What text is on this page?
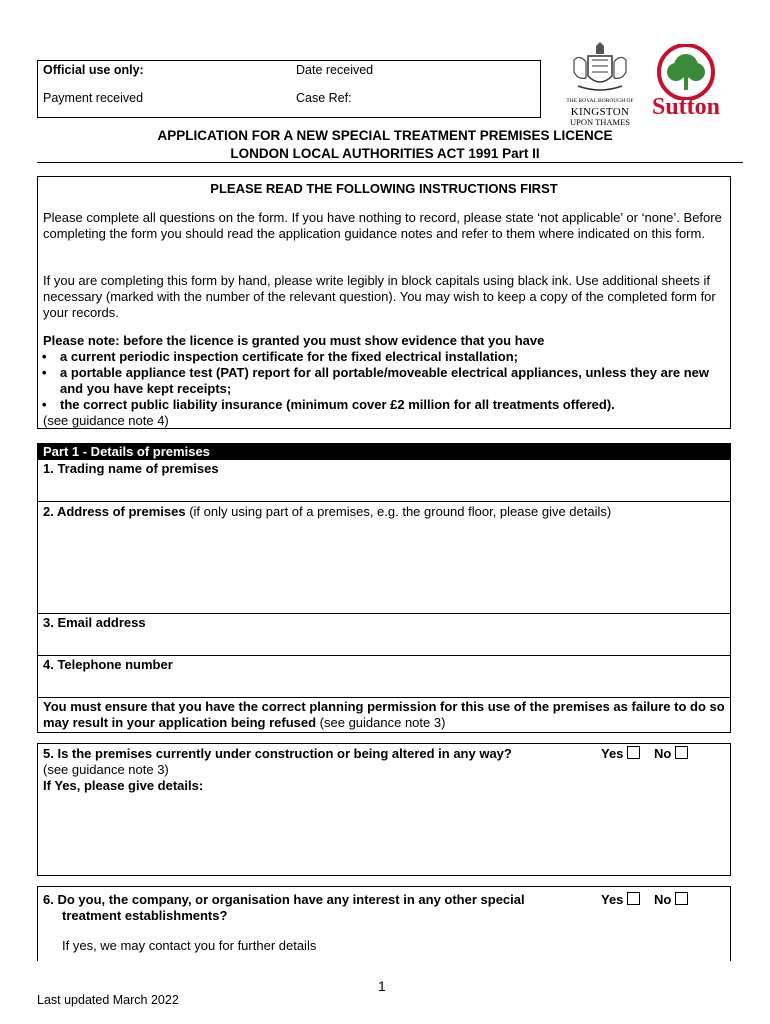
Official use only:	Date received
Payment received	Case Ref:	THE ROYAL BOROUGH OF
KINGSTON
UPON THAMES
Sutton
APPLICATION FOR A NEW SPECIAL TREATMENT PREMISES LICENCE
LONDON LOCAL AUTHORITIES ACT 1991 Part II
PLEASE READ THE FOLLOWING INSTRUCTIONS FIRST
Please complete all questions on the form. If you have nothing to record, please state ‘not applicable’ or ‘none’. Before completing the form you should read the application guidance notes and refer to them where indicated on this form.
If you are completing this form by hand, please write legibly in block capitals using black ink. Use additional sheets if necessary (marked with the number of the relevant question). You may wish to keep a copy of the completed form for your records.
Please note: before the licence is granted you must show evidence that you have
• a current periodic inspection certificate for the fixed electrical installation;
• a portable appliance test (PAT) report for all portable/moveable electrical appliances, unless they are new and you have kept receipts;
• the correct public liability insurance (minimum cover £2 million for all treatments offered).
(see guidance note 4)
Part 1 - Details of premises
1. Trading name of premises
2. Address of premises (if only using part of a premises, e.g. the ground floor, please give details)
3. Email address
4. Telephone number
You must ensure that you have the correct planning permission for this use of the premises as failure to do so may result in your application being refused (see guidance note 3)
5. Is the premises currently under construction or being altered in any way?	Yes No
(see guidance note 3)
If Yes, please give details:
6. Do you, the company, or organisation have any interest in any other special
treatment establishments?
Yes No
If yes, we may contact you for further details
1
Last updated March 2022
